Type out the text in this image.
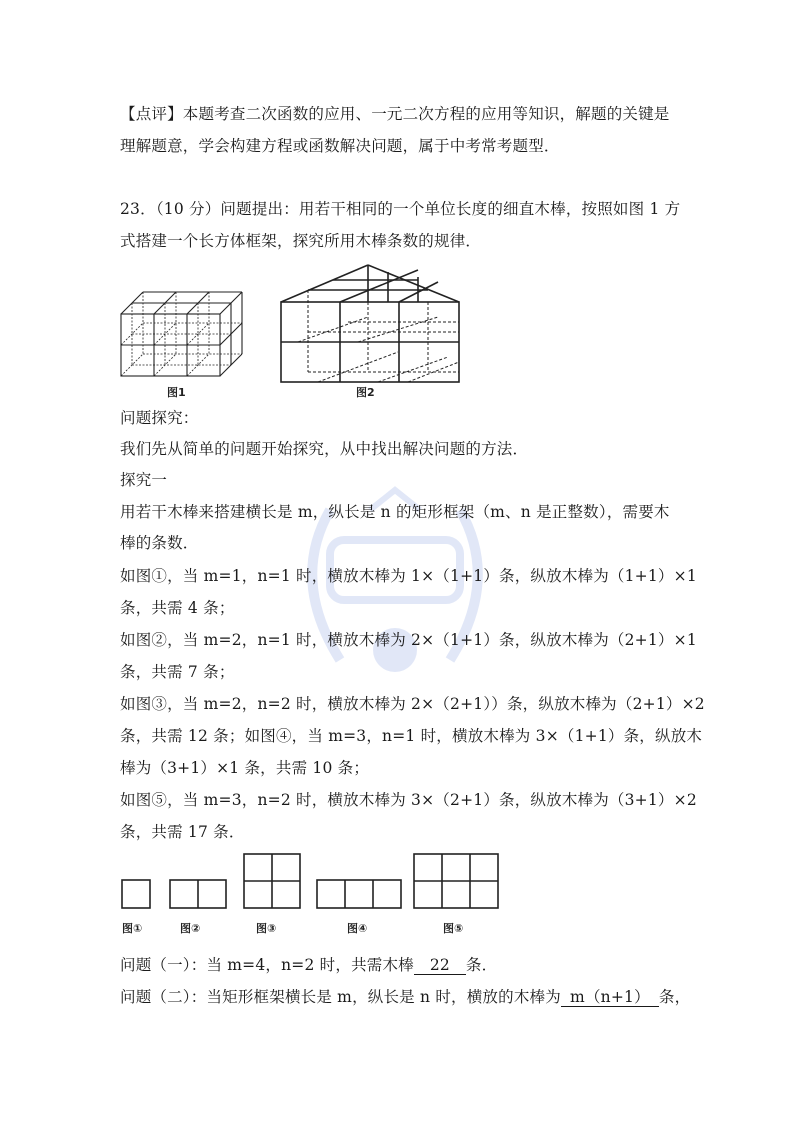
【点评】本题考查二次函数的应用、一元二次方程的应用等知识，解题的关键是
理解题意，学会构建方程或函数解决问题，属于中考常考题型．
23．（10 分）问题提出：用若干相同的一个单位长度的细直木棒，按照如图 1 方
式搭建一个长方体框架，探究所用木棒条数的规律．
图1	图2
问题探究：
我们先从简单的问题开始探究，从中找出解决问题的方法．
探究一
用若干木棒来搭建横长是 m，纵长是 n 的矩形框架（m、n 是正整数），需要木
棒的条数．
如图①，当 m=1，n=1 时，横放木棒为 1×（1+1）条，纵放木棒为（1+1）×1
条，共需 4 条；
如图②，当 m=2，n=1 时，横放木棒为 2×（1+1）条，纵放木棒为（2+1）×1
条，共需 7 条；
如图③，当 m=2，n=2 时，横放木棒为 2×（2+1））条，纵放木棒为（2+1）×2
条，共需 12 条；如图④，当 m=3，n=1 时，横放木棒为 3×（1+1）条，纵放木
棒为（3+1）×1 条，共需 10 条；
如图⑤，当 m=3，n=2 时，横放木棒为 3×（2+1）条，纵放木棒为（3+1）×2
条，共需 17 条．
图①	图②	图③	图④	图⑤
问题（一）：当 m=4，n=2 时，共需木棒 22 条．
问题（二）：当矩形框架横长是 m，纵长是 n 时，横放的木棒为 m（n+1） 条，
